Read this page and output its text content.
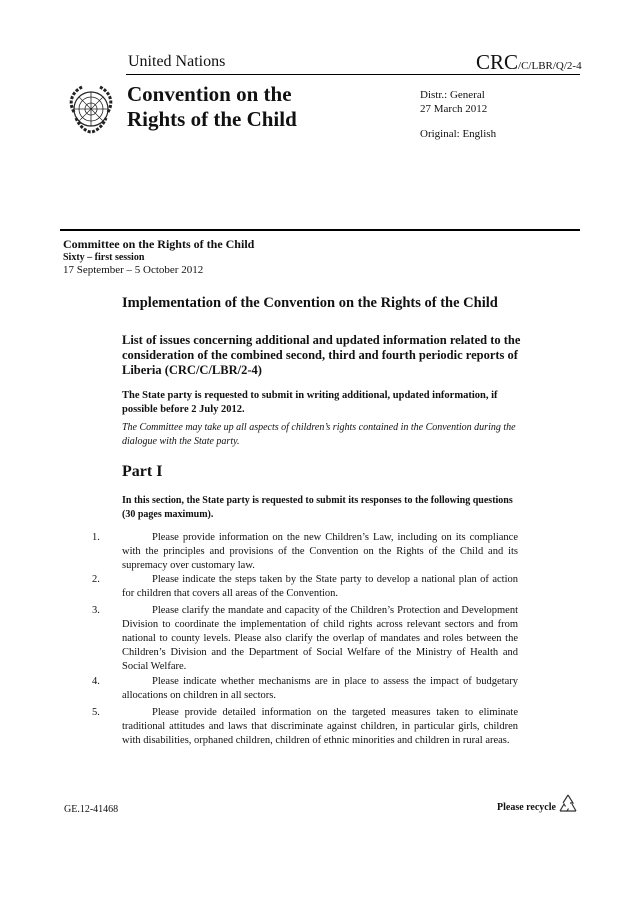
United Nations	CRC/C/LBR/Q/2-4
Convention on the
Rights of the Child
Distr.: General
27 March 2012
Original: English
Committee on the Rights of the Child
Sixty – first session
17 September – 5 October 2012
Implementation of the Convention on the Rights of the Child
List of issues concerning additional and updated information related to the consideration of the combined second, third and fourth periodic reports of Liberia (CRC/C/LBR/2-4)
The State party is requested to submit in writing additional, updated information, if possible before 2 July 2012.
The Committee may take up all aspects of children’s rights contained in the Convention during the dialogue with the State party.
Part I
In this section, the State party is requested to submit its responses to the following questions (30 pages maximum).
1.	Please provide information on the new Children’s Law, including on its compliance with the principles and provisions of the Convention on the Rights of the Child and its supremacy over customary law.
2.	Please indicate the steps taken by the State party to develop a national plan of action for children that covers all areas of the Convention.
3.	Please clarify the mandate and capacity of the Children’s Protection and Development Division to coordinate the implementation of child rights across relevant sectors and from national to county levels. Please also clarify the overlap of mandates and roles between the Children’s Division and the Department of Social Welfare of the Ministry of Health and Social Welfare.
4.	Please indicate whether mechanisms are in place to assess the impact of budgetary allocations on children in all sectors.
5.	Please provide detailed information on the targeted measures taken to eliminate traditional attitudes and laws that discriminate against children, in particular girls, children with disabilities, orphaned children, children of ethnic minorities and children in rural areas.
GE.12-41468	Please recycle
